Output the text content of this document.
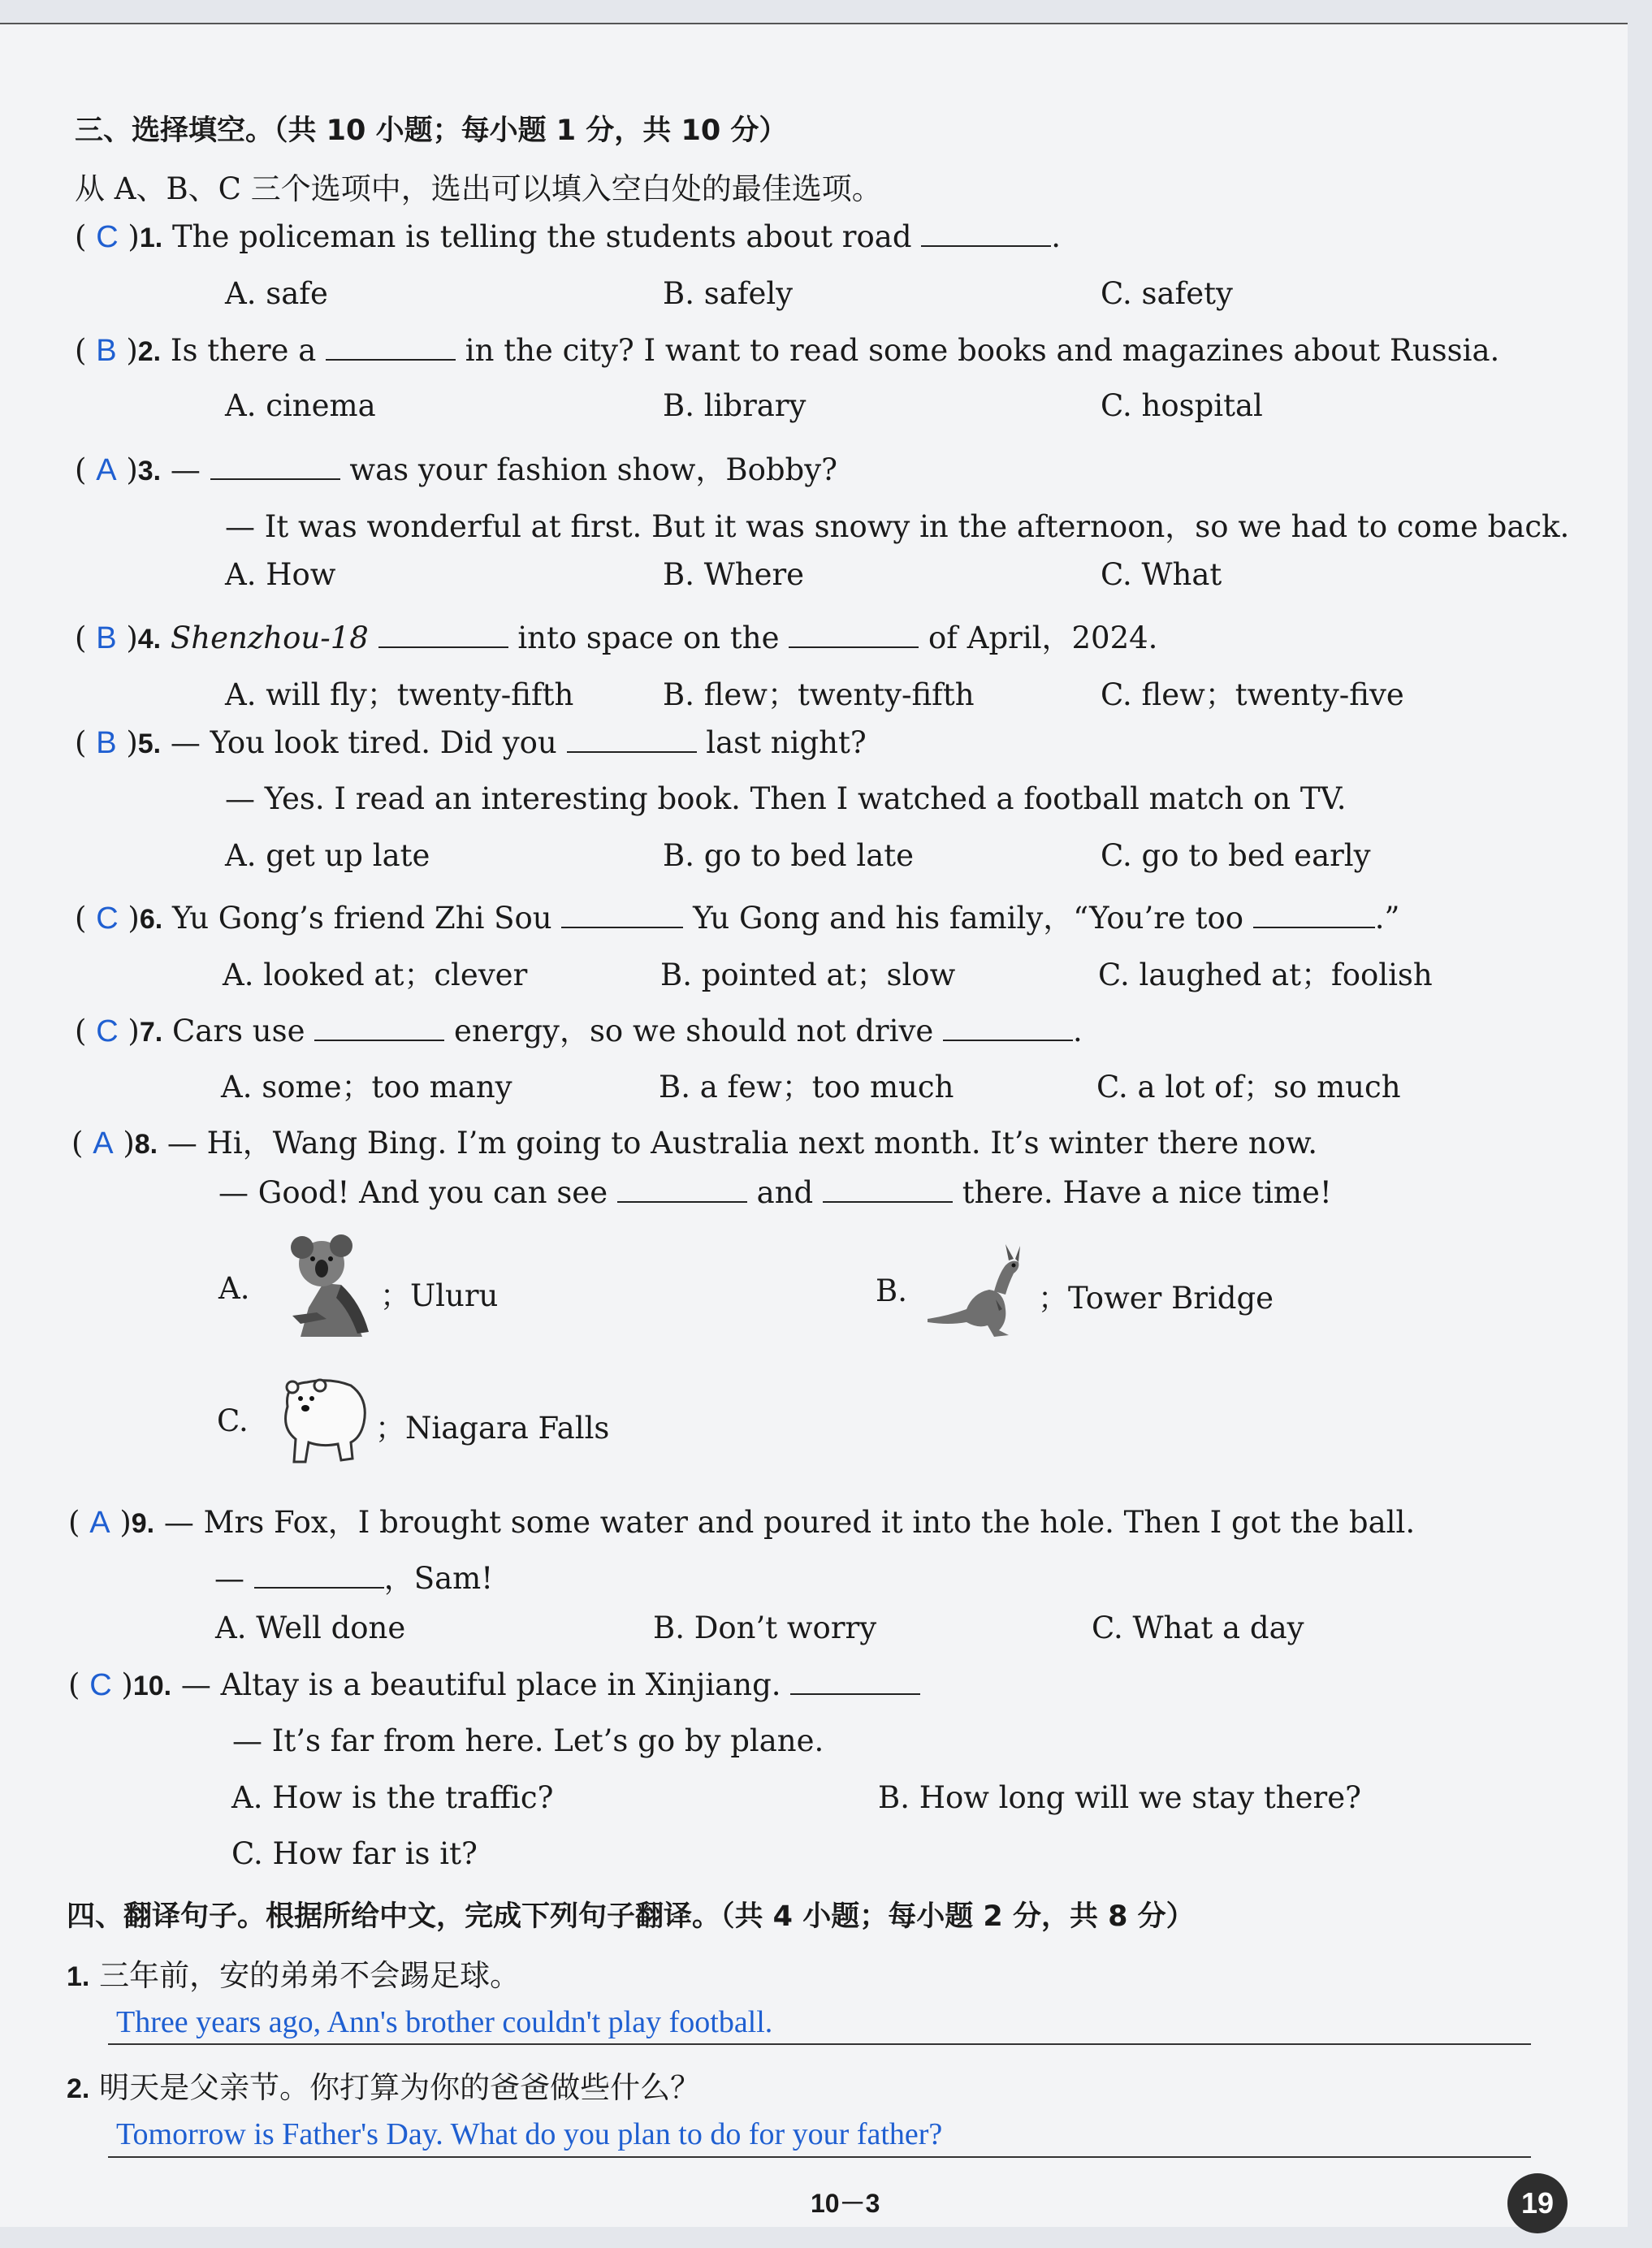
三、选择填空。（共 10 小题；每小题 1 分，共 10 分）
从 A、B、C 三个选项中，选出可以填入空白处的最佳选项。
( C )1. The policeman is telling the students about road	.
A. safe	B. safely	C. safety
( B )2. Is there a	in the city? I want to read some books and magazines about Russia.
A. cinema	B. library	C. hospital
( A )3. —	was your fashion show，Bobby?
— It was wonderful at first. But it was snowy in the afternoon，so we had to come back.
A. How	B. Where	C. What
( B )4. Shenzhou-18	into space on the	of April，2024.
A. will fly；twenty-fifth	B. flew；twenty-fifth	C. flew；twenty-five
( B )5. — You look tired. Did you	last night?
— Yes. I read an interesting book. Then I watched a football match on TV.
A. get up late	B. go to bed late	C. go to bed early
( C )6. Yu Gong’s friend Zhi Sou	Yu Gong and his family，“You’re too	.”
A. looked at；clever	B. pointed at；slow	C. laughed at；foolish
( C )7. Cars use	energy，so we should not drive	.
A. some；too many	B. a few；too much	C. a lot of；so much
( A )8. — Hi，Wang Bing. I’m going to Australia next month. It’s winter there now.
— Good! And you can see	and	there. Have a nice time!
A.	；Uluru	B.	；Tower Bridge
C.	；Niagara Falls
( A )9. — Mrs Fox，I brought some water and poured it into the hole. Then I got the ball.
—	，Sam!
A. Well done	B. Don’t worry	C. What a day
( C )10. — Altay is a beautiful place in Xinjiang.
— It’s far from here. Let’s go by plane.
A. How is the traffic?	B. How long will we stay there?
C. How far is it?
四、翻译句子。根据所给中文，完成下列句子翻译。（共 4 小题；每小题 2 分，共 8 分）
1. 三年前，安的弟弟不会踢足球。
Three years ago, Ann's brother couldn't play football.
2. 明天是父亲节。你打算为你的爸爸做些什么？
Tomorrow is Father's Day. What do you plan to do for your father?
10－3	19
